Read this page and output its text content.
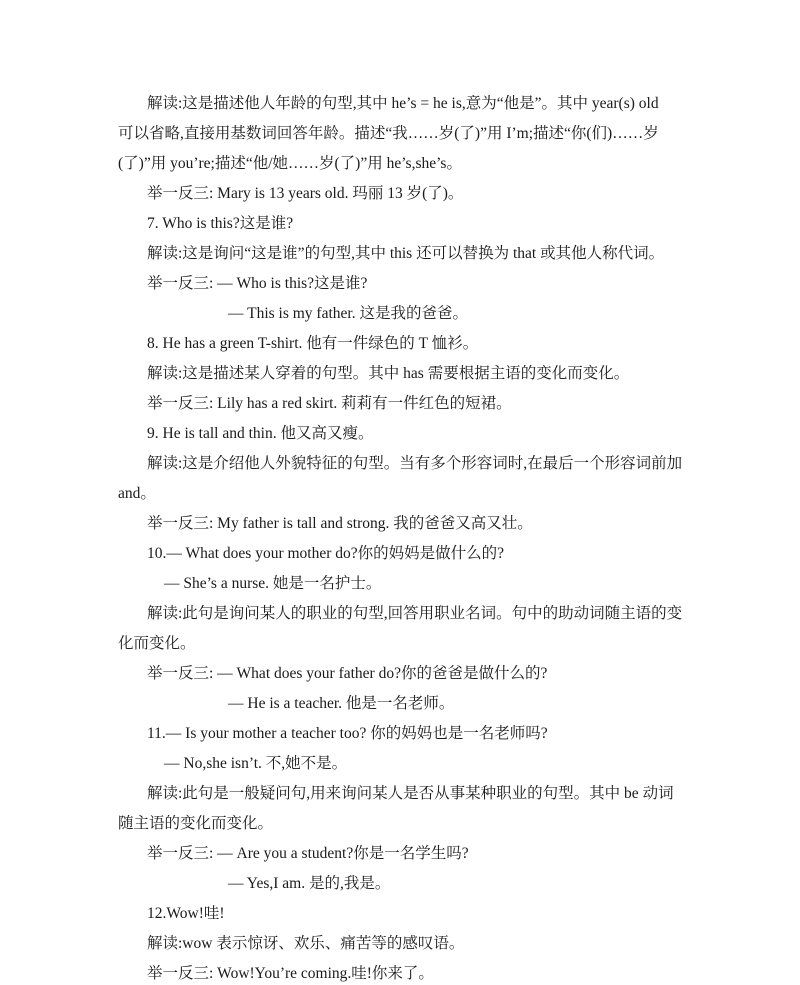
解读:这是描述他人年龄的句型,其中 he’s = he is,意为“他是”。其中 year(s) old
可以省略,直接用基数词回答年龄。描述“我……岁(了)”用 I’m;描述“你(们)……岁
(了)”用 you’re;描述“他/她……岁(了)”用 he’s,she’s。
举一反三: Mary is 13 years old. 玛丽 13 岁(了)。
7. Who is this?这是谁?
解读:这是询问“这是谁”的句型,其中 this 还可以替换为 that 或其他人称代词。
举一反三: — Who is this?这是谁?
— This is my father. 这是我的爸爸。
8. He has a green T-shirt. 他有一件绿色的 T 恤衫。
解读:这是描述某人穿着的句型。其中 has 需要根据主语的变化而变化。
举一反三: Lily has a red skirt. 莉莉有一件红色的短裙。
9. He is tall and thin. 他又高又瘦。
解读:这是介绍他人外貌特征的句型。当有多个形容词时,在最后一个形容词前加
and。
举一反三: My father is tall and strong. 我的爸爸又高又壮。
10.— What does your mother do?你的妈妈是做什么的?
— She’s a nurse. 她是一名护士。
解读:此句是询问某人的职业的句型,回答用职业名词。句中的助动词随主语的变
化而变化。
举一反三: — What does your father do?你的爸爸是做什么的?
— He is a teacher. 他是一名老师。
11.— Is your mother a teacher too? 你的妈妈也是一名老师吗?
— No,she isn’t. 不,她不是。
解读:此句是一般疑问句,用来询问某人是否从事某种职业的句型。其中 be 动词
随主语的变化而变化。
举一反三: — Are you a student?你是一名学生吗?
— Yes,I am. 是的,我是。
12.Wow!哇!
解读:wow 表示惊讶、欢乐、痛苦等的感叹语。
举一反三: Wow!You’re coming.哇!你来了。
